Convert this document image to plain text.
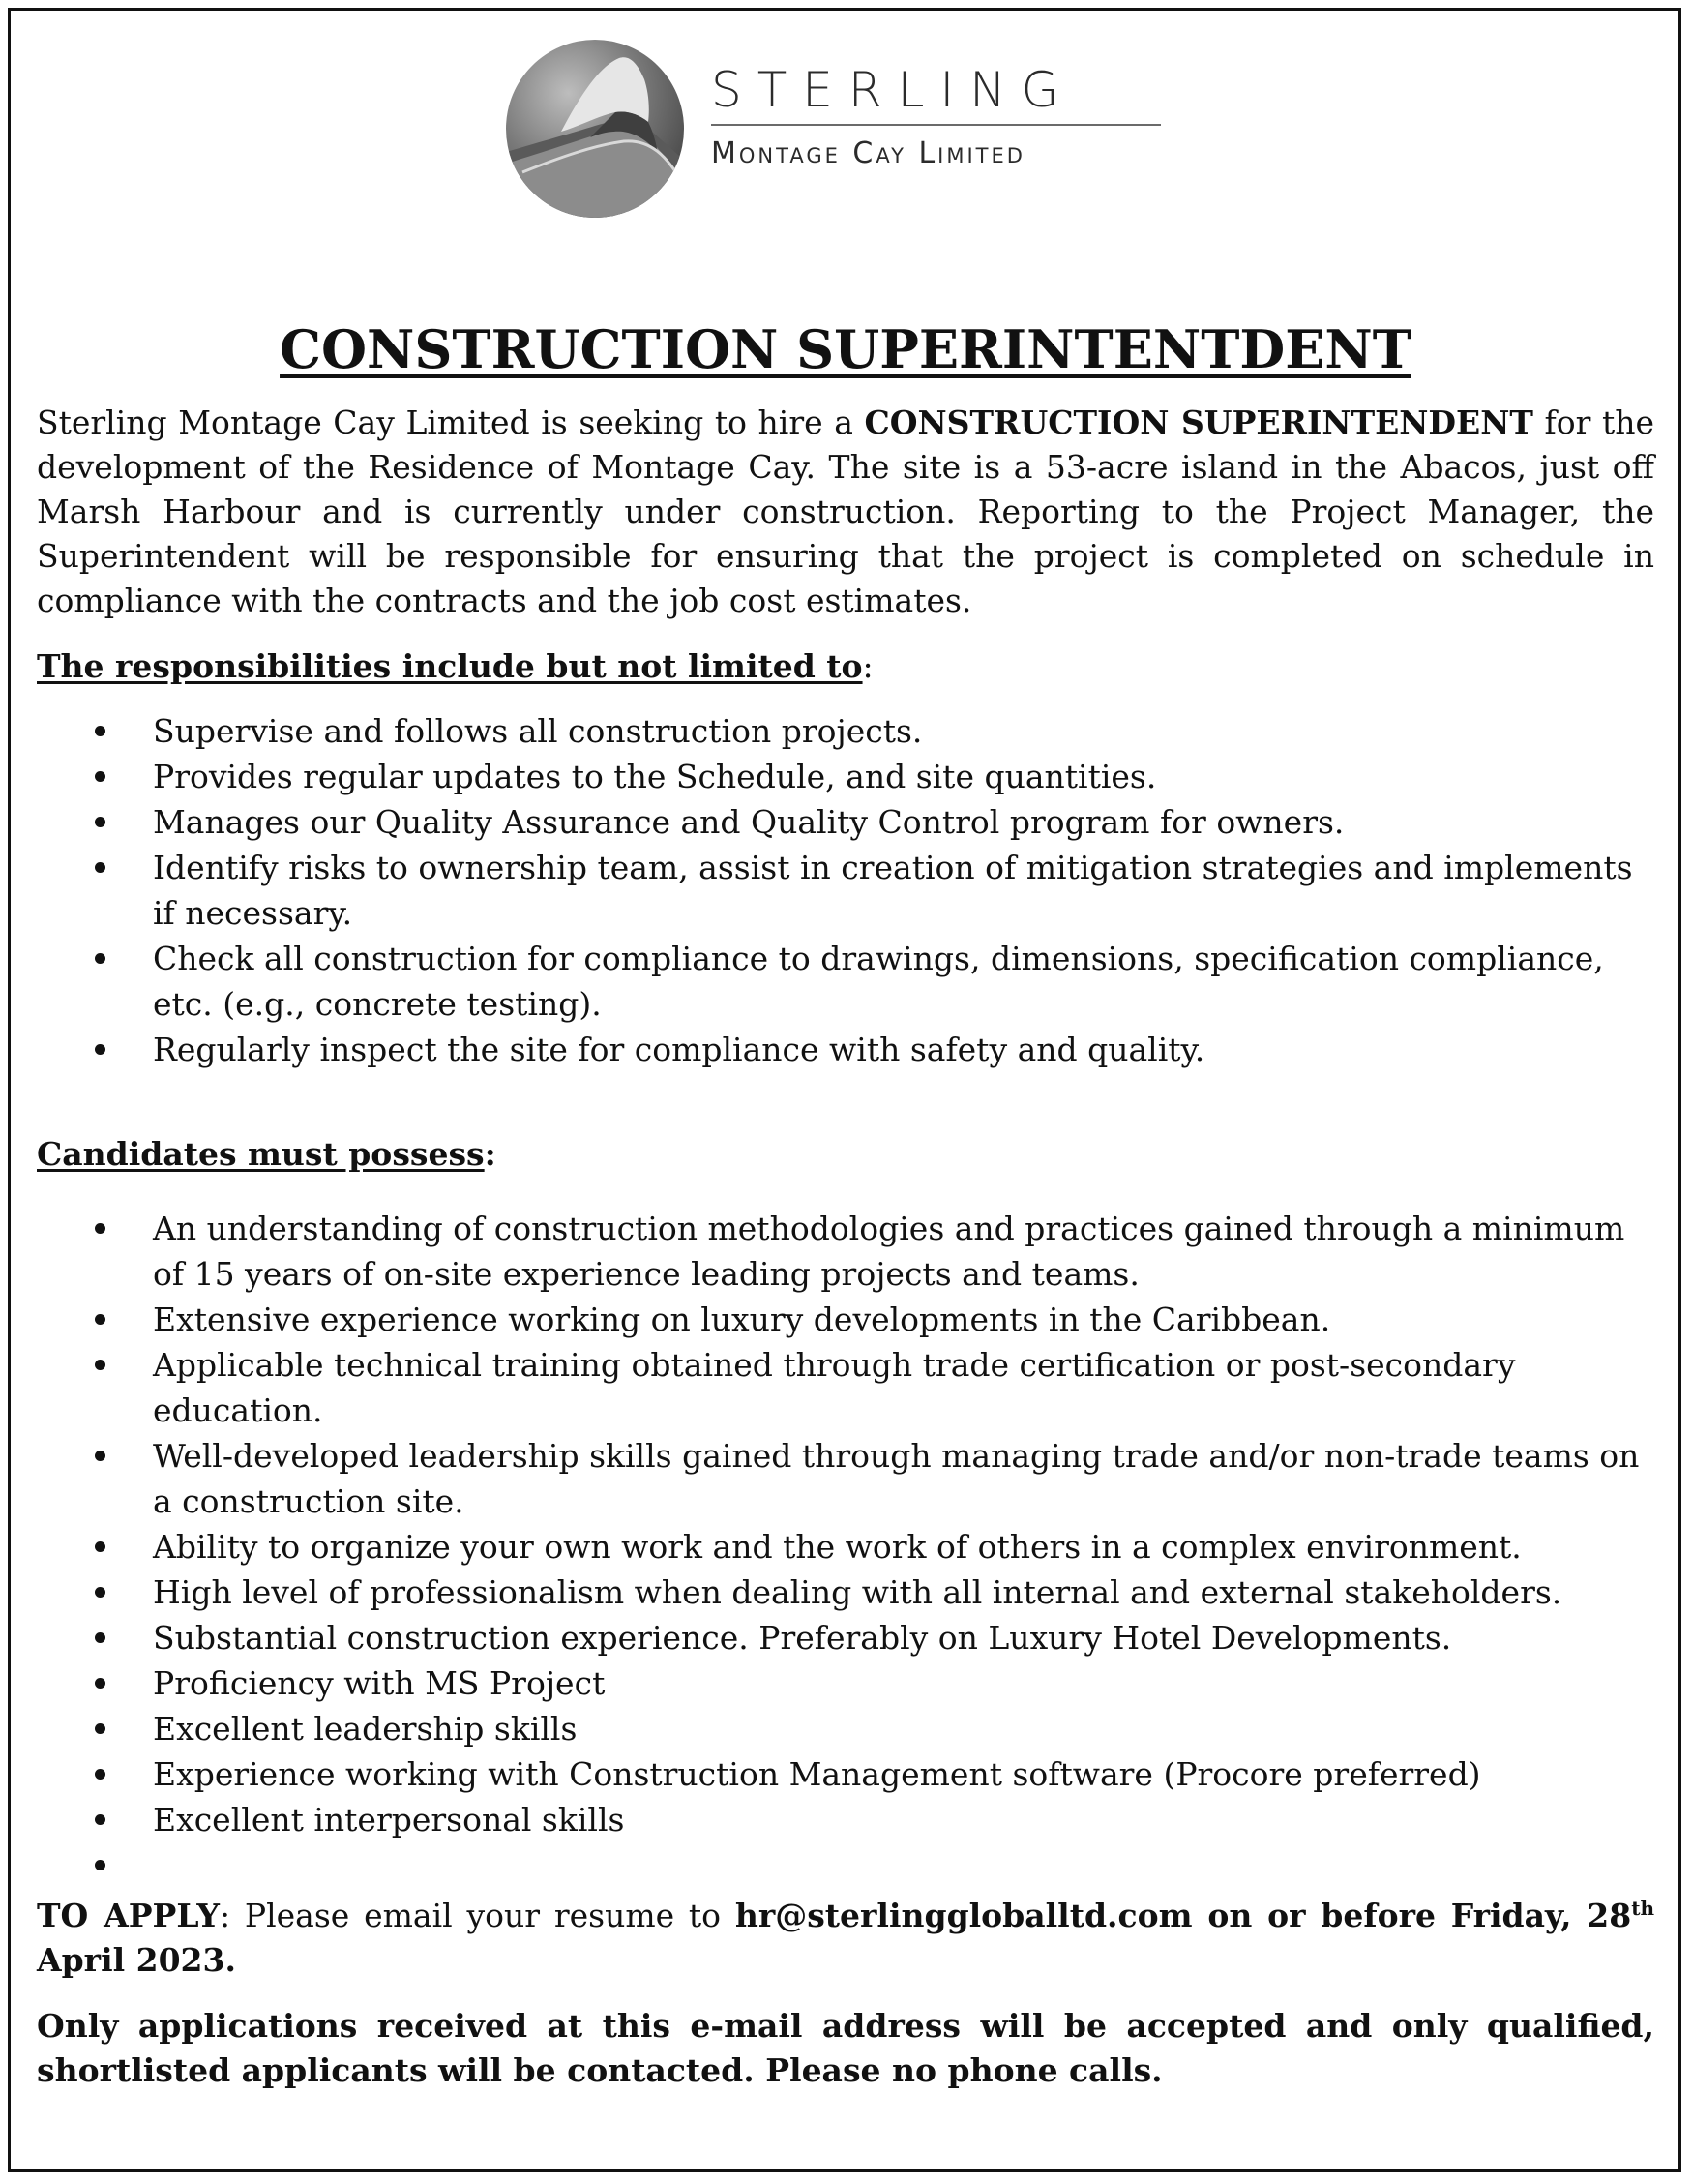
STERLING
Montage Cay Limited
CONSTRUCTION SUPERINTENTDENT

Sterling Montage Cay Limited is seeking to hire a CONSTRUCTION SUPERINTENDENT for the development of the Residence of Montage Cay. The site is a 53-acre island in the Abacos, just off Marsh Harbour and is currently under construction. Reporting to the Project Manager, the Superintendent will be responsible for ensuring that the project is completed on schedule in compliance with the contracts and the job cost estimates.

The responsibilities include but not limited to:
Supervise and follows all construction projects.
Provides regular updates to the Schedule, and site quantities.
Manages our Quality Assurance and Quality Control program for owners.
Identify risks to ownership team, assist in creation of mitigation strategies and implements if necessary.
Check all construction for compliance to drawings, dimensions, specification compliance, etc. (e.g., concrete testing).
Regularly inspect the site for compliance with safety and quality.
Candidates must possess:
An understanding of construction methodologies and practices gained through a minimum of 15 years of on-site experience leading projects and teams.
Extensive experience working on luxury developments in the Caribbean.
Applicable technical training obtained through trade certification or post-secondary education.
Well-developed leadership skills gained through managing trade and/or non-trade teams on a construction site.
Ability to organize your own work and the work of others in a complex environment.
High level of professionalism when dealing with all internal and external stakeholders.
Substantial construction experience. Preferably on Luxury Hotel Developments.
Proficiency with MS Project
Excellent leadership skills
Experience working with Construction Management software (Procore preferred)
Excellent interpersonal skills

TO APPLY: Please email your resume to hr@sterlinggloballtd.com on or before Friday, 28th April 2023.

Only applications received at this e-mail address will be accepted and only qualified, shortlisted applicants will be contacted. Please no phone calls.
